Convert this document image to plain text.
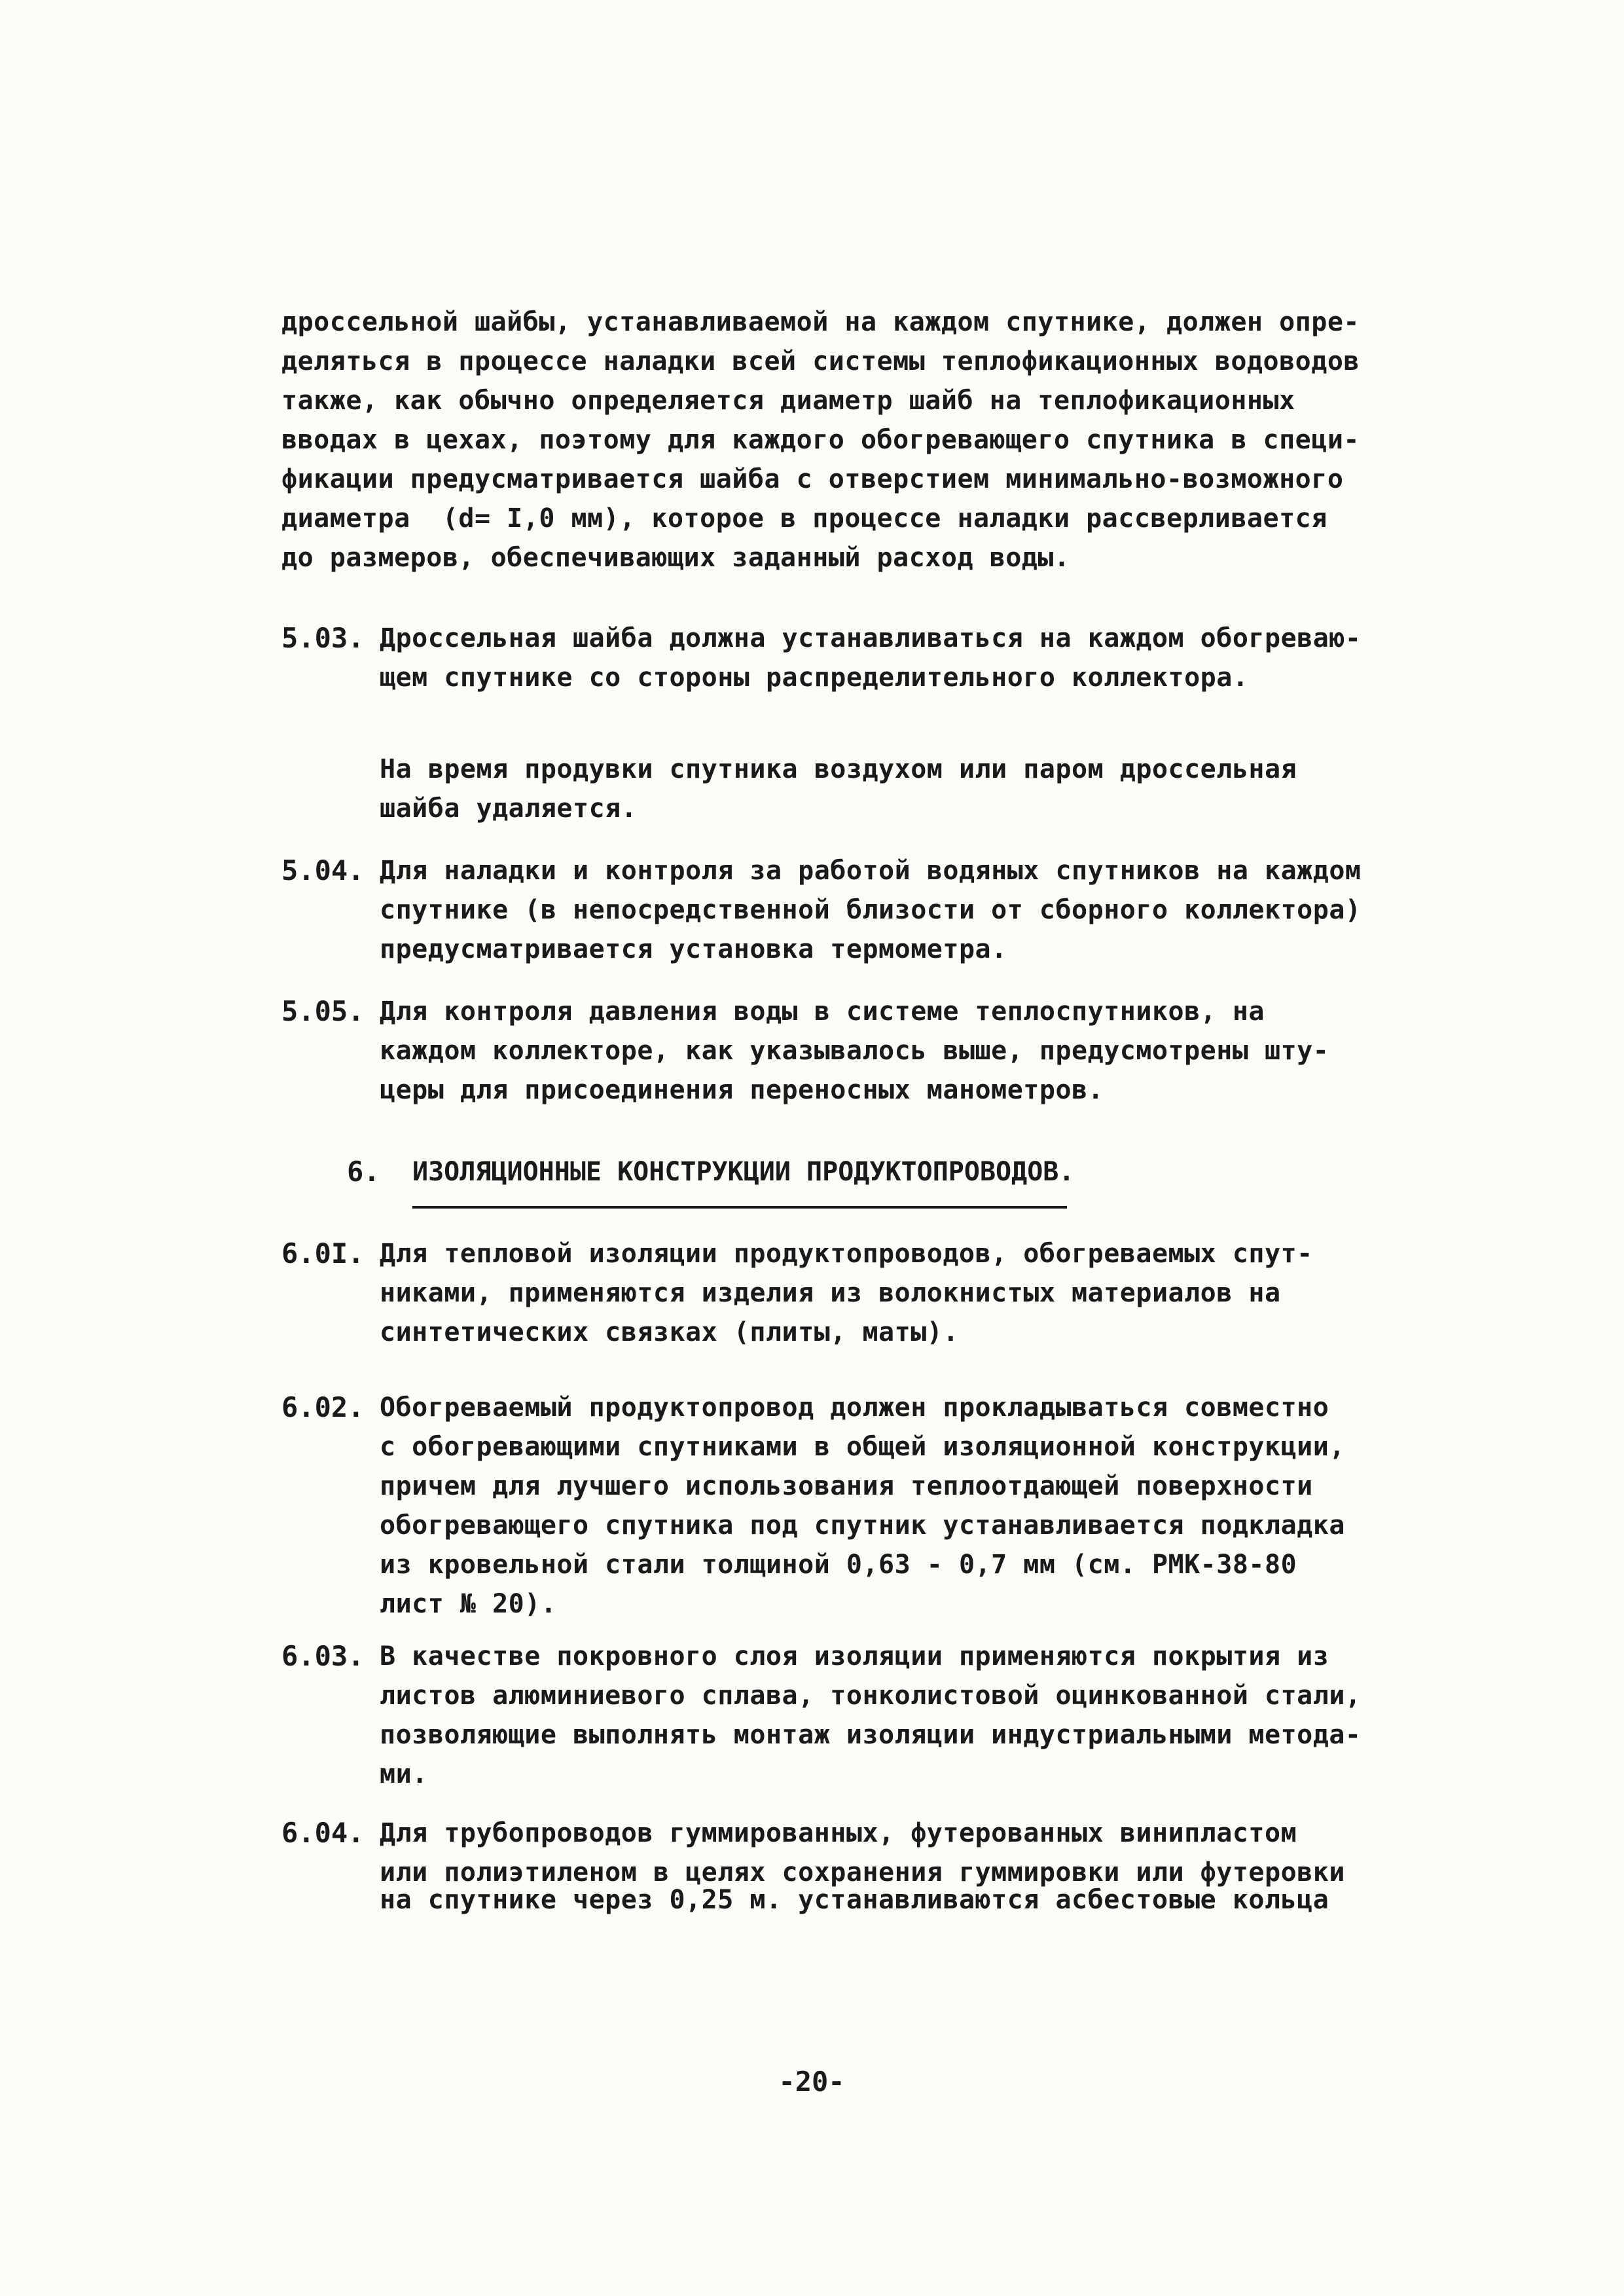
дроссельной шайбы, устанавливаемой на каждом спутнике, должен опре-
деляться в процессе наладки всей системы теплофикационных водоводов
также, как обычно определяется диаметр шайб на теплофикационных
вводах в цехах, поэтому для каждого обогревающего спутника в специ-
фикации предусматривается шайба с отверстием минимально-возможного
диаметра  (d= I,0 мм), которое в процессе наладки рассверливается
до размеров, обеспечивающих заданный расход воды.
5.03. Дроссельная шайба должна устанавливаться на каждом обогреваю-
щем спутнике со стороны распределительного коллектора.
На время продувки спутника воздухом или паром дроссельная
шайба удаляется.
5.04. Для наладки и контроля за работой водяных спутников на каждом
спутнике (в непосредственной близости от сборного коллектора)
предусматривается установка термометра.
5.05. Для контроля давления воды в системе теплоспутников, на
каждом коллекторе, как указывалось выше, предусмотрены шту-
церы для присоединения переносных манометров.
6. ИЗОЛЯЦИОННЫЕ КОНСТРУКЦИИ ПРОДУКТОПРОВОДОВ.
6.0I. Для тепловой изоляции продуктопроводов, обогреваемых спут-
никами, применяются изделия из волокнистых материалов на
синтетических связках (плиты, маты).
6.02. Обогреваемый продуктопровод должен прокладываться совместно
с обогревающими спутниками в общей изоляционной конструкции,
причем для лучшего использования теплоотдающей поверхности
обогревающего спутника под спутник устанавливается подкладка
из кровельной стали толщиной 0,63 - 0,7 мм (см. РМК-38-80
лист № 20).
6.03. В качестве покровного слоя изоляции применяются покрытия из
листов алюминиевого сплава, тонколистовой оцинкованной стали,
позволяющие выполнять монтаж изоляции индустриальными метода-
ми.
6.04. Для трубопроводов гуммированных, футерованных винипластом
или полиэтиленом в целях сохранения гуммировки или футеровки
на спутнике через 0,25 м. устанавливаются асбестовые кольца
-20-
